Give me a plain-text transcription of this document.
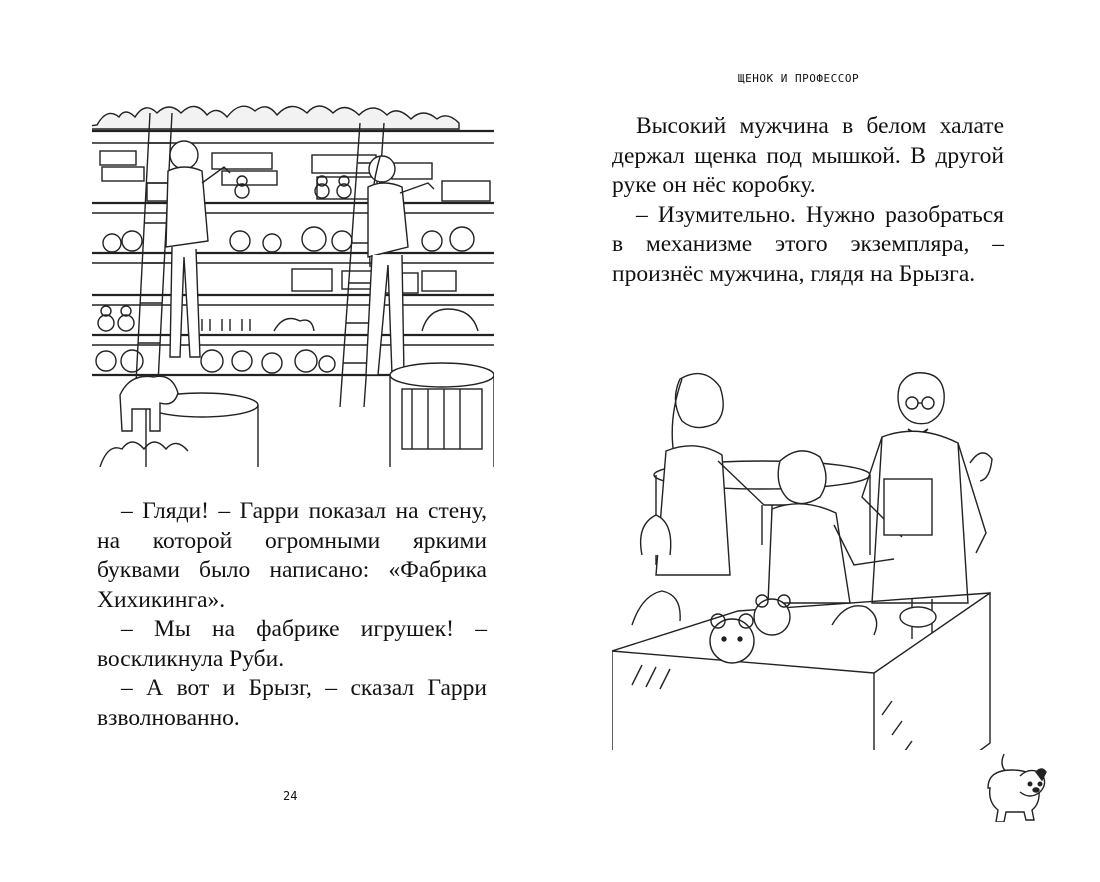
– Гляди! – Гарри показал на стену, на которой огромными яркими буквами было написано: «Фабрика Хихикинга».

– Мы на фабрике игрушек! – воскликнула Руби.

– А вот и Брызг, – сказал Гарри взволнованно.

24
ЩЕНОК И ПРОФЕССОР

Высокий мужчина в белом халате держал щенка под мышкой. В другой руке он нёс коробку.

– Изумительно. Нужно разобраться в механизме этого экземпляра, – произнёс мужчина, глядя на Брызга.
